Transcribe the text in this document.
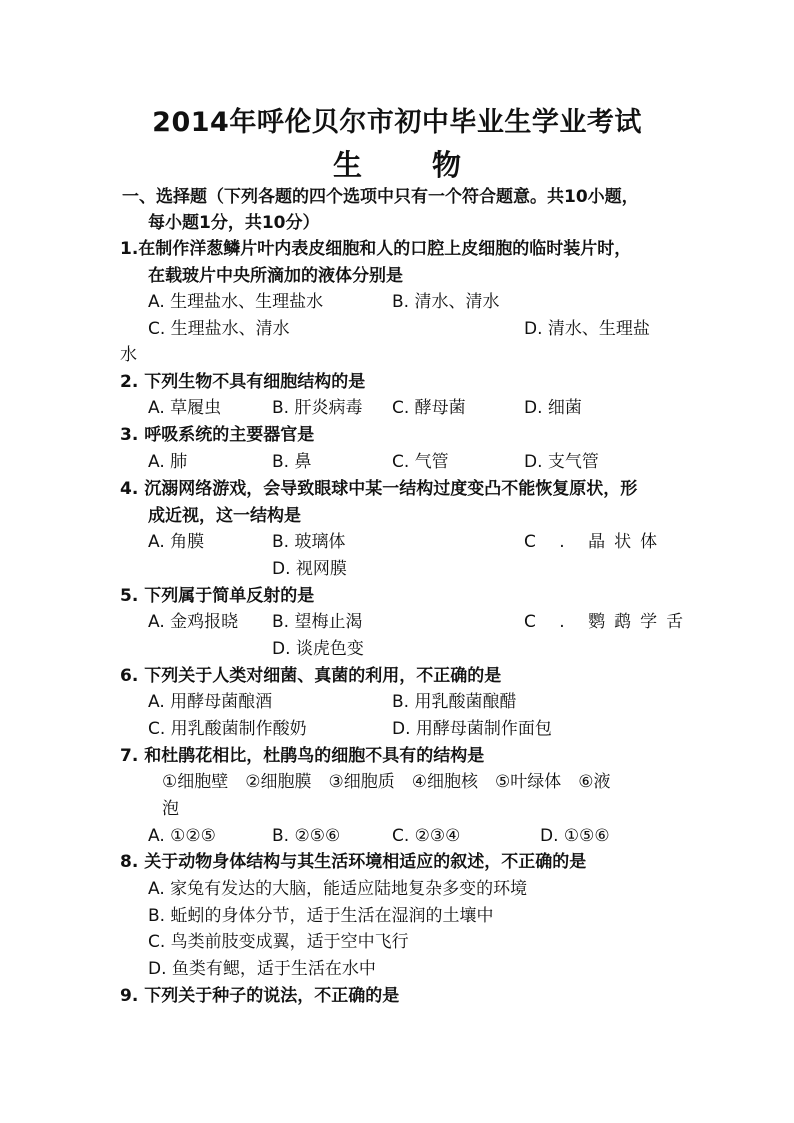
2014年呼伦贝尔市初中毕业生学业考试
生 物
一、选择题（下列各题的四个选项中只有一个符合题意。共10小题，
每小题1分，共10分）
1.在制作洋葱鳞片叶内表皮细胞和人的口腔上皮细胞的临时装片时，
在载玻片中央所滴加的液体分别是
A. 生理盐水、生理盐水	B. 清水、清水
C. 生理盐水、清水	D. 清水、生理盐
水
2. 下列生物不具有细胞结构的是
A. 草履虫	B. 肝炎病毒 C. 酵母菌	D. 细菌
3. 呼吸系统的主要器官是
A. 肺	B. 鼻	C. 气管	D. 支气管
4. 沉溺网络游戏，会导致眼球中某一结构过度变凸不能恢复原状，形
成近视，这一结构是
A. 角膜	B. 玻璃体	C . 晶状体
D. 视网膜
5. 下列属于简单反射的是
A. 金鸡报晓 B. 望梅止渴	C . 鹦鹉学舌
D. 谈虎色变
6. 下列关于人类对细菌、真菌的利用，不正确的是
A. 用酵母菌酿酒	B. 用乳酸菌酿醋
C. 用乳酸菌制作酸奶	D. 用酵母菌制作面包
7. 和杜鹃花相比，杜鹃鸟的细胞不具有的结构是
①细胞壁　②细胞膜　③细胞质　④细胞核　⑤叶绿体　⑥液
泡
A. ①②⑤	B. ②⑤⑥	C. ②③④	D. ①⑤⑥
8. 关于动物身体结构与其生活环境相适应的叙述，不正确的是
A. 家兔有发达的大脑，能适应陆地复杂多变的环境
B. 蚯蚓的身体分节，适于生活在湿润的土壤中
C. 鸟类前肢变成翼，适于空中飞行
D. 鱼类有鳃，适于生活在水中
9. 下列关于种子的说法，不正确的是
